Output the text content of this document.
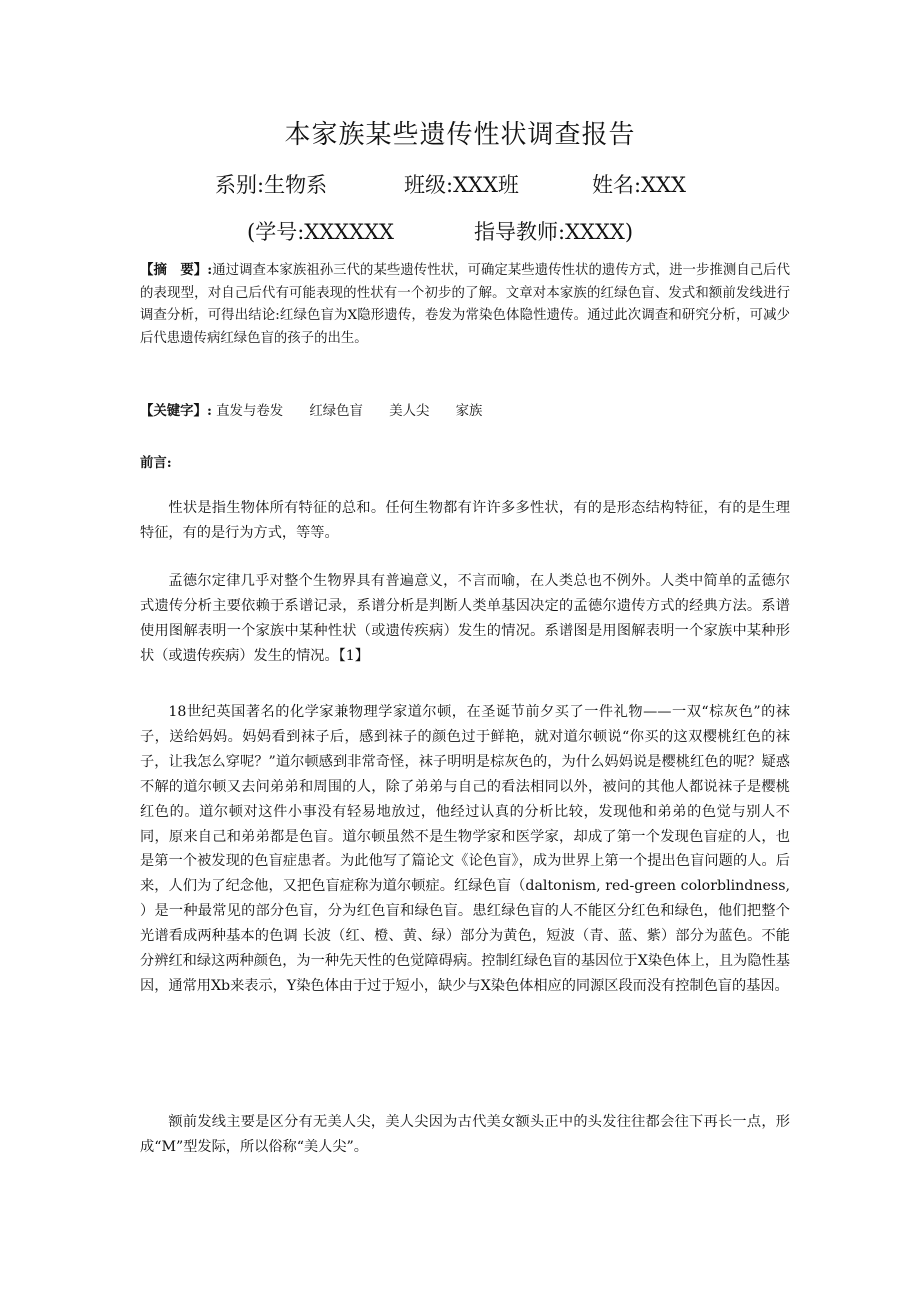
本家族某些遗传性状调查报告
系别:生物系	班级:XXX班	姓名:XXX
(学号:XXXXXX	指导教师:XXXX)
【摘　要】:通过调查本家族祖孙三代的某些遗传性状，可确定某些遗传性状的遗传方式，进一步推测自己后代的表现型，对自己后代有可能表现的性状有一个初步的了解。文章对本家族的红绿色盲、发式和额前发线进行调查分析，可得出结论:红绿色盲为X隐形遗传，卷发为常染色体隐性遗传。通过此次调查和研究分析，可减少后代患遗传病红绿色盲的孩子的出生。
【关键字】: 直发与卷发 红绿色盲 美人尖 家族
前言:
性状是指生物体所有特征的总和。任何生物都有许许多多性状，有的是形态结构特征，有的是生理特征，有的是行为方式，等等。
孟德尔定律几乎对整个生物界具有普遍意义，不言而喻，在人类总也不例外。人类中简单的孟德尔式遗传分析主要依赖于系谱记录，系谱分析是判断人类单基因决定的孟德尔遗传方式的经典方法。系谱使用图解表明一个家族中某种性状（或遗传疾病）发生的情况。系谱图是用图解表明一个家族中某种形状（或遗传疾病）发生的情况。【1】
18世纪英国著名的化学家兼物理学家道尔顿，在圣诞节前夕买了一件礼物——一双“棕灰色”的袜子，送给妈妈。妈妈看到袜子后，感到袜子的颜色过于鲜艳，就对道尔顿说“你买的这双樱桃红色的袜子，让我怎么穿呢？”道尔顿感到非常奇怪，袜子明明是棕灰色的，为什么妈妈说是樱桃红色的呢？疑惑不解的道尔顿又去问弟弟和周围的人，除了弟弟与自己的看法相同以外，被问的其他人都说袜子是樱桃红色的。道尔顿对这件小事没有轻易地放过，他经过认真的分析比较，发现他和弟弟的色觉与别人不同，原来自己和弟弟都是色盲。道尔顿虽然不是生物学家和医学家，却成了第一个发现色盲症的人，也是第一个被发现的色盲症患者。为此他写了篇论文《论色盲》，成为世界上第一个提出色盲问题的人。后来，人们为了纪念他，又把色盲症称为道尔顿症。红绿色盲（daltonism, red-green colorblindness, ）是一种最常见的部分色盲，分为红色盲和绿色盲。患红绿色盲的人不能区分红色和绿色，他们把整个光谱看成两种基本的色调 长波（红、橙、黄、绿）部分为黄色，短波（青、蓝、紫）部分为蓝色。不能分辨红和绿这两种颜色，为一种先天性的色觉障碍病。控制红绿色盲的基因位于X染色体上，且为隐性基因，通常用Xb来表示，Y染色体由于过于短小，缺少与X染色体相应的同源区段而没有控制色盲的基因。
额前发线主要是区分有无美人尖，美人尖因为古代美女额头正中的头发往往都会往下再长一点，形成“M”型发际，所以俗称“美人尖”。
